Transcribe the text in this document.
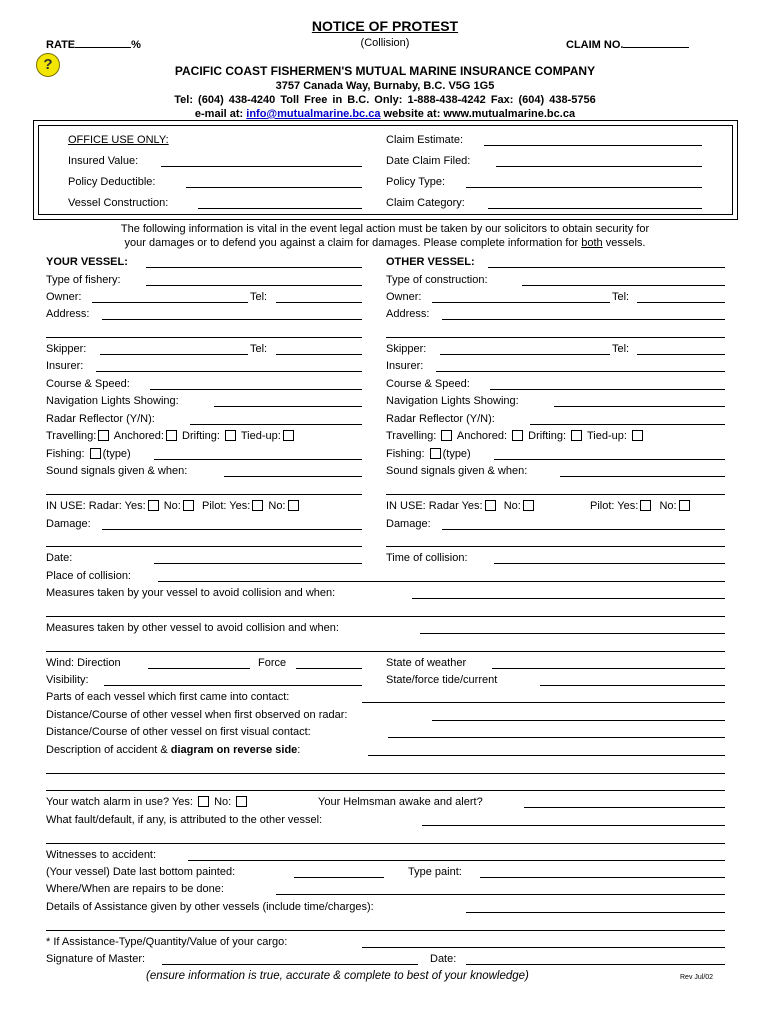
NOTICE OF PROTEST
(Collision)
RATE	%	CLAIM NO.
?	PACIFIC COAST FISHERMEN'S MUTUAL MARINE INSURANCE COMPANY
3757 Canada Way, Burnaby, B.C. V5G 1G5
Tel: (604) 438-4240 Toll Free in B.C. Only: 1-888-438-4242 Fax: (604) 438-5756
e-mail at: info@mutualmarine.bc.ca website at: www.mutualmarine.bc.ca
OFFICE USE ONLY:
Insured Value:
Policy Deductible:
Vessel Construction:
Claim Estimate:
Date Claim Filed:
Policy Type:
Claim Category:
The following information is vital in the event legal action must be taken by our solicitors to obtain security for
your damages or to defend you against a claim for damages. Please complete information for both vessels.
YOUR VESSEL:
Type of fishery:
Owner:	Tel:
Address:
Skipper:	Tel:
Insurer:
Course & Speed:
Navigation Lights Showing:
Radar Reflector (Y/N):
Travelling: Anchored: Drifting: Tied-up:
Fishing: (type)
Sound signals given & when:
IN USE: Radar: Yes: No: Pilot: Yes: No:
Damage:
OTHER VESSEL:
Type of construction:
Owner:	Tel:
Address:
Skipper:	Tel:
Insurer:
Course & Speed:
Navigation Lights Showing:
Radar Reflector (Y/N):
Travelling: Anchored: Drifting: Tied-up:
Fishing: (type)
Sound signals given & when:
IN USE: Radar Yes: No:	Pilot: Yes: No:
Damage:
Date:	Time of collision:
Place of collision:
Measures taken by your vessel to avoid collision and when:
Measures taken by other vessel to avoid collision and when:
Wind: Direction	Force	State of weather
Visibility:	State/force tide/current
Parts of each vessel which first came into contact:
Distance/Course of other vessel when first observed on radar:
Distance/Course of other vessel on first visual contact:
Description of accident & diagram on reverse side:
Your watch alarm in use? Yes: No:	Your Helmsman awake and alert?
What fault/default, if any, is attributed to the other vessel:
Witnesses to accident:
(Your vessel) Date last bottom painted:	Type paint:
Where/When are repairs to be done:
Details of Assistance given by other vessels (include time/charges):
* If Assistance-Type/Quantity/Value of your cargo:
Signature of Master:	Date:
(ensure information is true, accurate & complete to best of your knowledge)	Rev Jul/02
